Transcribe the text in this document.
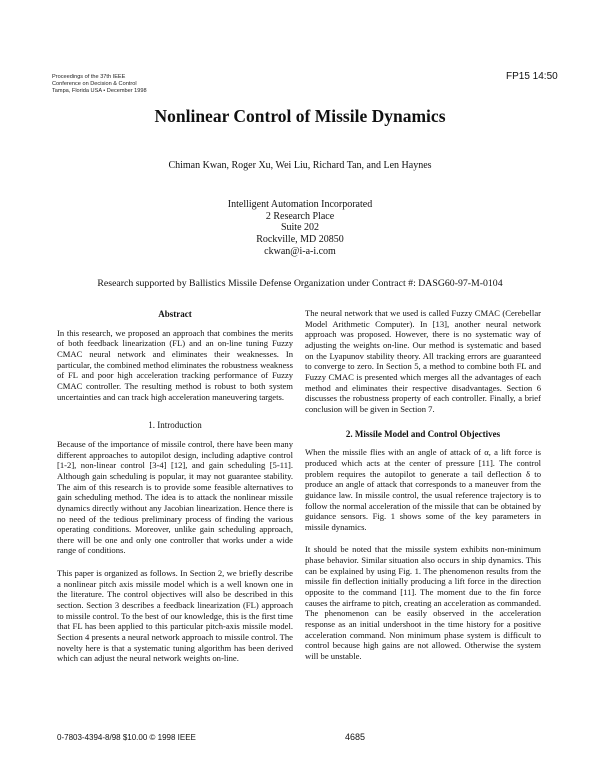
Proceedings of the 37th IEEE
Conference on Decision & Control
Tampa, Florida USA • December 1998
FP15 14:50
Nonlinear Control of Missile Dynamics
Chiman Kwan, Roger Xu, Wei Liu, Richard Tan, and Len Haynes
Intelligent Automation Incorporated
2 Research Place
Suite 202
Rockville, MD 20850
ckwan@i-a-i.com
Research supported by Ballistics Missile Defense Organization under Contract #: DASG60-97-M-0104
Abstract

In this research, we proposed an approach that combines the merits of both feedback linearization (FL) and an on-line tuning Fuzzy CMAC neural network and eliminates their weaknesses. In particular, the combined method eliminates the robustness weakness of FL and poor high acceleration tracking performance of Fuzzy CMAC controller. The resulting method is robust to both system uncertainties and can track high acceleration maneuvering targets.

1. Introduction

Because of the importance of missile control, there have been many different approaches to autopilot design, including adaptive control [1-2], non-linear control [3-4] [12], and gain scheduling [5-11]. Although gain scheduling is popular, it may not guarantee stability. The aim of this research is to provide some feasible alternatives to gain scheduling method. The idea is to attack the nonlinear missile dynamics directly without any Jacobian linearization. Hence there is no need of the tedious preliminary process of finding the various operating conditions. Moreover, unlike gain scheduling approach, there will be one and only one controller that works under a wide range of conditions.

This paper is organized as follows. In Section 2, we briefly describe a nonlinear pitch axis missile model which is a well known one in the literature. The control objectives will also be described in this section. Section 3 describes a feedback linearization (FL) approach to missile control. To the best of our knowledge, this is the first time that FL has been applied to this particular pitch-axis missile model. Section 4 presents a neural network approach to missile control. The novelty here is that a systematic tuning algorithm has been derived which can adjust the neural network weights on-line.

The neural network that we used is called Fuzzy CMAC (Cerebellar Model Arithmetic Computer). In [13], another neural network approach was proposed. However, there is no systematic way of adjusting the weights on-line. Our method is systematic and based on the Lyapunov stability theory. All tracking errors are guaranteed to converge to zero. In Section 5, a method to combine both FL and Fuzzy CMAC is presented which merges all the advantages of each method and eliminates their respective disadvantages. Section 6 discusses the robustness property of each controller. Finally, a brief conclusion will be given in Section 7.

2. Missile Model and Control Objectives

When the missile flies with an angle of attack of α, a lift force is produced which acts at the center of pressure [11]. The control problem requires the autopilot to generate a tail deflection δ to produce an angle of attack that corresponds to a maneuver from the guidance law. In missile control, the usual reference trajectory is to follow the normal acceleration of the missile that can be obtained by guidance sensors. Fig. 1 shows some of the key parameters in missile dynamics.

It should be noted that the missile system exhibits non-minimum phase behavior. Similar situation also occurs in ship dynamics. This can be explained by using Fig. 1. The phenomenon results from the missile fin deflection initially producing a lift force in the direction opposite to the command [11]. The moment due to the fin force causes the airframe to pitch, creating an acceleration as commanded. The phenomenon can be easily observed in the acceleration response as an initial undershoot in the time history for a positive acceleration command. Non minimum phase system is difficult to control because high gains are not allowed. Otherwise the system will be unstable.

0-7803-4394-8/98 $10.00 © 1998 IEEE	4685
